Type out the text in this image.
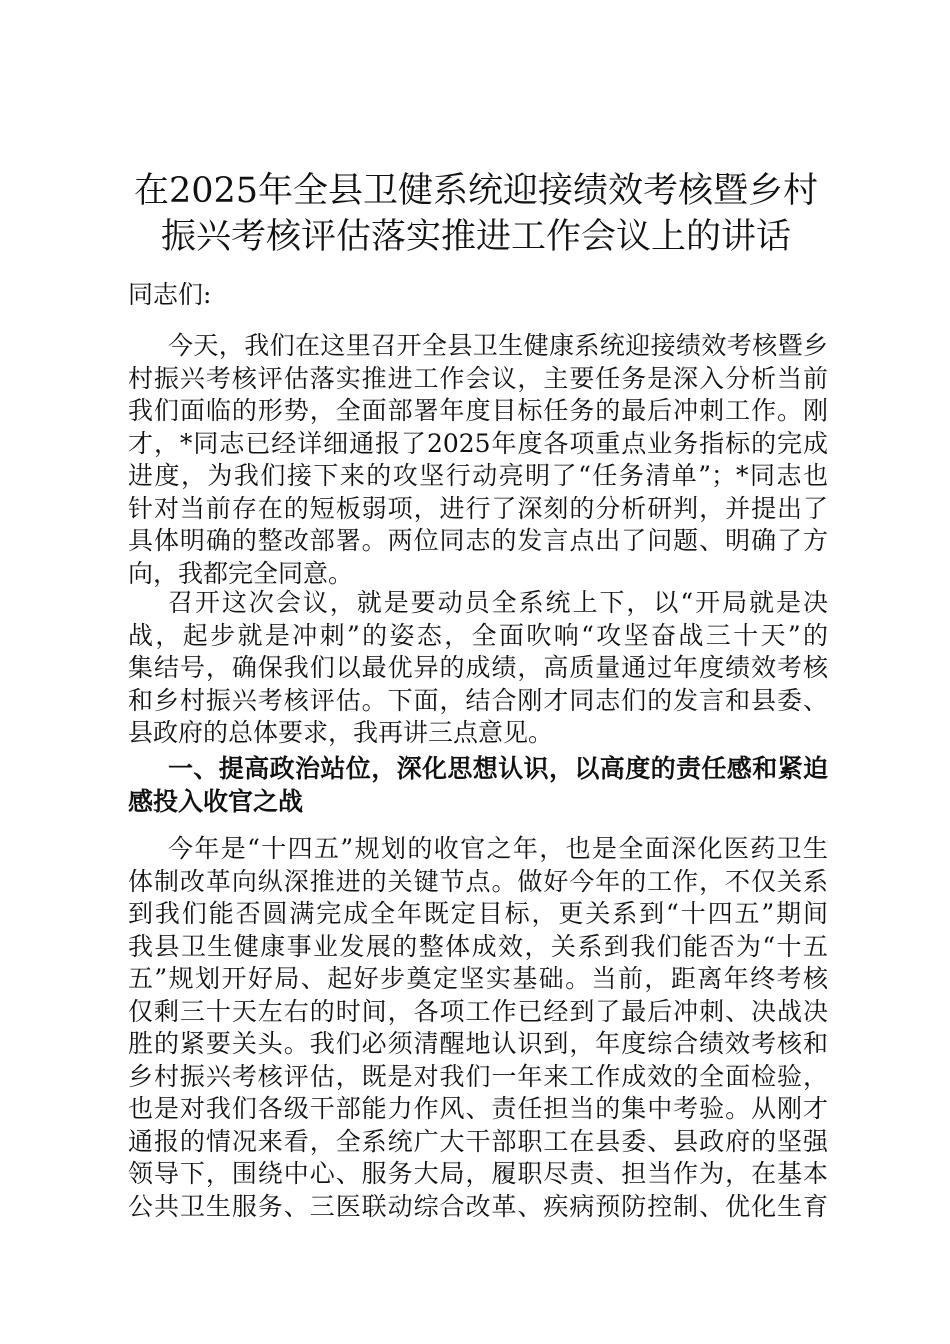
在2025年全县卫健系统迎接绩效考核暨乡村
振兴考核评估落实推进工作会议上的讲话

同志们:

今天，我们在这里召开全县卫生健康系统迎接绩效考核暨乡
村振兴考核评估落实推进工作会议，主要任务是深入分析当前
我们面临的形势，全面部署年度目标任务的最后冲刺工作。刚
才，*同志已经详细通报了2025年度各项重点业务指标的完成
进度，为我们接下来的攻坚行动亮明了“任务清单”；*同志也
针对当前存在的短板弱项，进行了深刻的分析研判，并提出了
具体明确的整改部署。两位同志的发言点出了问题、明确了方
向，我都完全同意。
召开这次会议，就是要动员全系统上下，以“开局就是决
战，起步就是冲刺”的姿态，全面吹响“攻坚奋战三十天”的
集结号，确保我们以最优异的成绩，高质量通过年度绩效考核
和乡村振兴考核评估。下面，结合刚才同志们的发言和县委、
县政府的总体要求，我再讲三点意见。
一、提高政治站位，深化思想认识，以高度的责任感和紧迫
感投入收官之战
今年是“十四五”规划的收官之年，也是全面深化医药卫生
体制改革向纵深推进的关键节点。做好今年的工作，不仅关系
到我们能否圆满完成全年既定目标，更关系到“十四五”期间
我县卫生健康事业发展的整体成效，关系到我们能否为“十五
五”规划开好局、起好步奠定坚实基础。当前，距离年终考核
仅剩三十天左右的时间，各项工作已经到了最后冲刺、决战决
胜的紧要关头。我们必须清醒地认识到，年度综合绩效考核和
乡村振兴考核评估，既是对我们一年来工作成效的全面检验，
也是对我们各级干部能力作风、责任担当的集中考验。从刚才
通报的情况来看，全系统广大干部职工在县委、县政府的坚强
领导下，围绕中心、服务大局，履职尽责、担当作为，在基本
公共卫生服务、三医联动综合改革、疾病预防控制、优化生育
